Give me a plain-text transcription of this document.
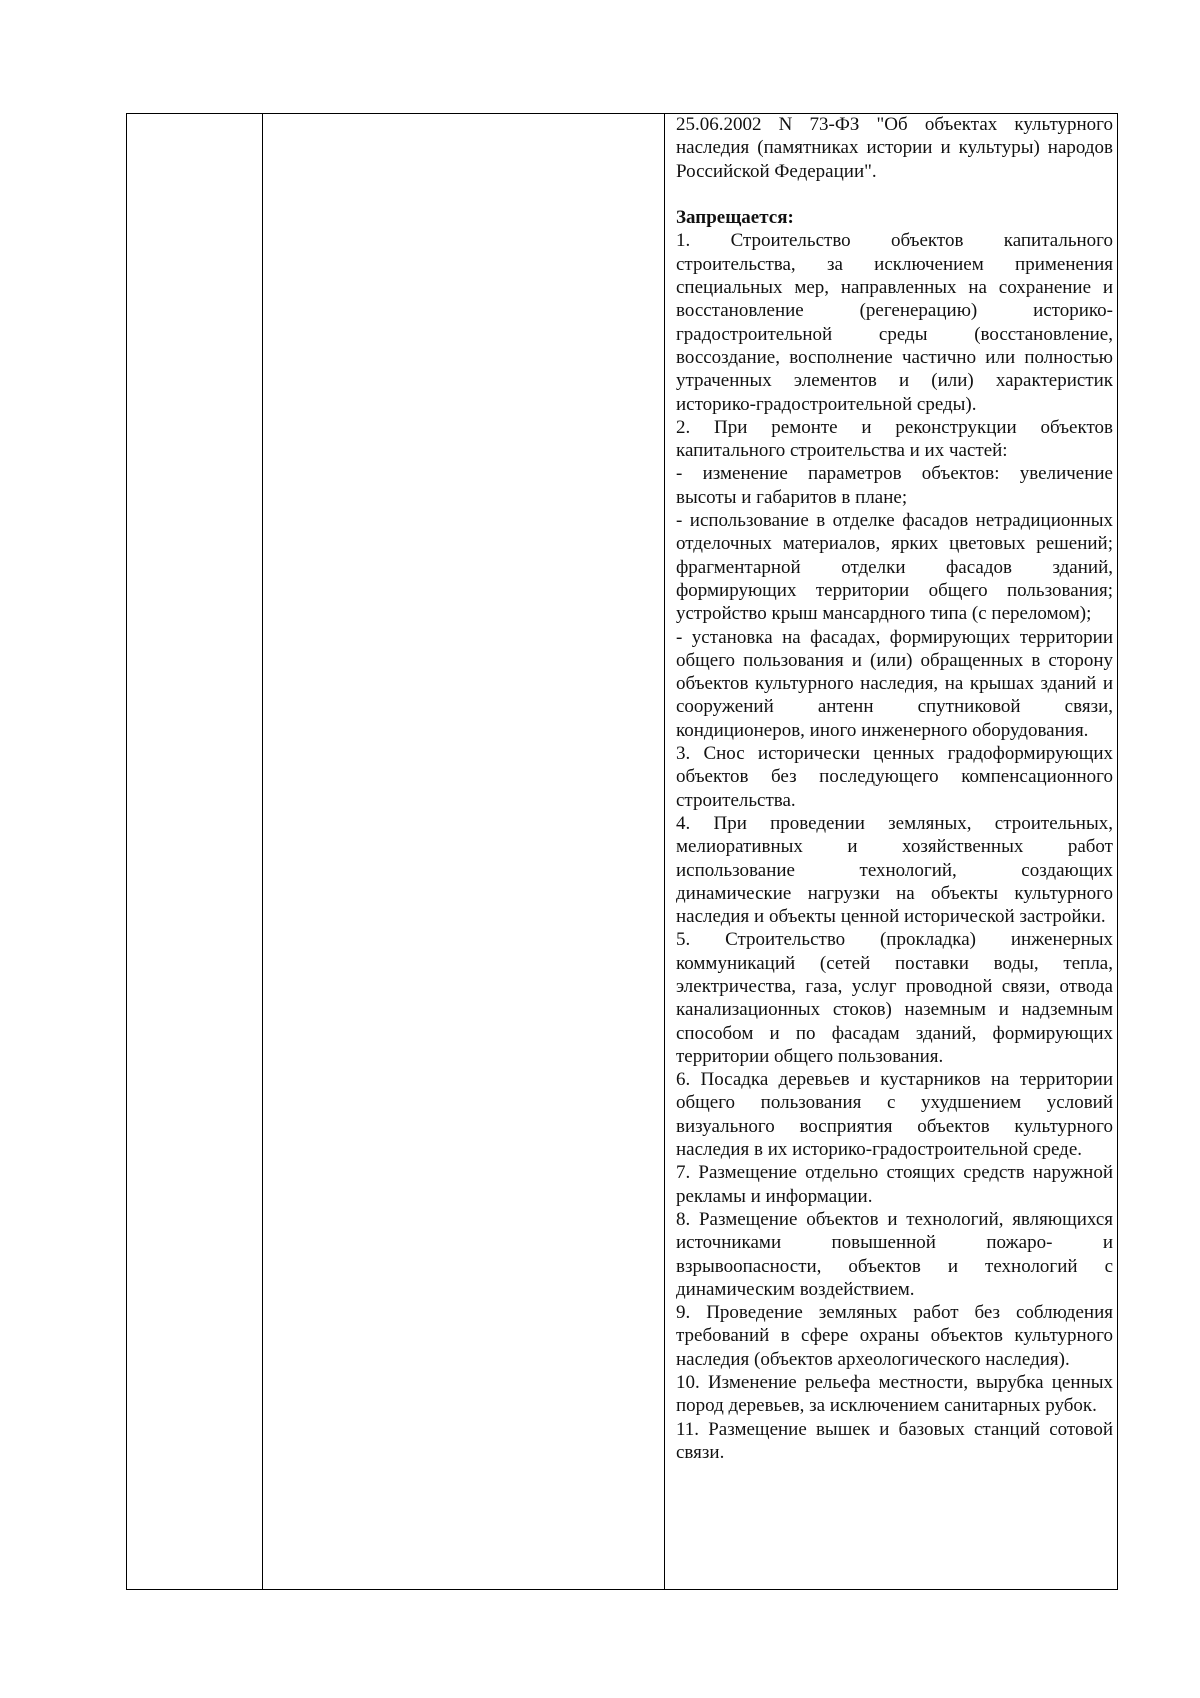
25.06.2002 N 73-ФЗ "Об объектах культурного наследия (памятниках истории и культуры) народов Российской Федерации".

Запрещается:

1. Строительство объектов капитального строительства, за исключением применения специальных мер, направленных на сохранение и восстановление (регенерацию) историко-градостроительной среды (восстановление, воссоздание, восполнение частично или полностью утраченных элементов и (или) характеристик историко-градостроительной среды).

2. При ремонте и реконструкции объектов капитального строительства и их частей:

- изменение параметров объектов: увеличение высоты и габаритов в плане;

- использование в отделке фасадов нетрадиционных отделочных материалов, ярких цветовых решений; фрагментарной отделки фасадов зданий, формирующих территории общего пользования; устройство крыш мансардного типа (с переломом);

- установка на фасадах, формирующих территории общего пользования и (или) обращенных в сторону объектов культурного наследия, на крышах зданий и сооружений антенн спутниковой связи, кондиционеров, иного инженерного оборудования.

3. Снос исторически ценных градоформирующих объектов без последующего компенсационного строительства.

4. При проведении земляных, строительных, мелиоративных и хозяйственных работ использование технологий, создающих динамические нагрузки на объекты культурного наследия и объекты ценной исторической застройки.

5. Строительство (прокладка) инженерных коммуникаций (сетей поставки воды, тепла, электричества, газа, услуг проводной связи, отвода канализационных стоков) наземным и надземным способом и по фасадам зданий, формирующих территории общего пользования.

6. Посадка деревьев и кустарников на территории общего пользования с ухудшением условий визуального восприятия объектов культурного наследия в их историко-градостроительной среде.

7. Размещение отдельно стоящих средств наружной рекламы и информации.

8. Размещение объектов и технологий, являющихся источниками повышенной пожаро- и взрывоопасности, объектов и технологий с динамическим воздействием.

9. Проведение земляных работ без соблюдения требований в сфере охраны объектов культурного наследия (объектов археологического наследия).

10. Изменение рельефа местности, вырубка ценных пород деревьев, за исключением санитарных рубок.

11. Размещение вышек и базовых станций сотовой связи.
